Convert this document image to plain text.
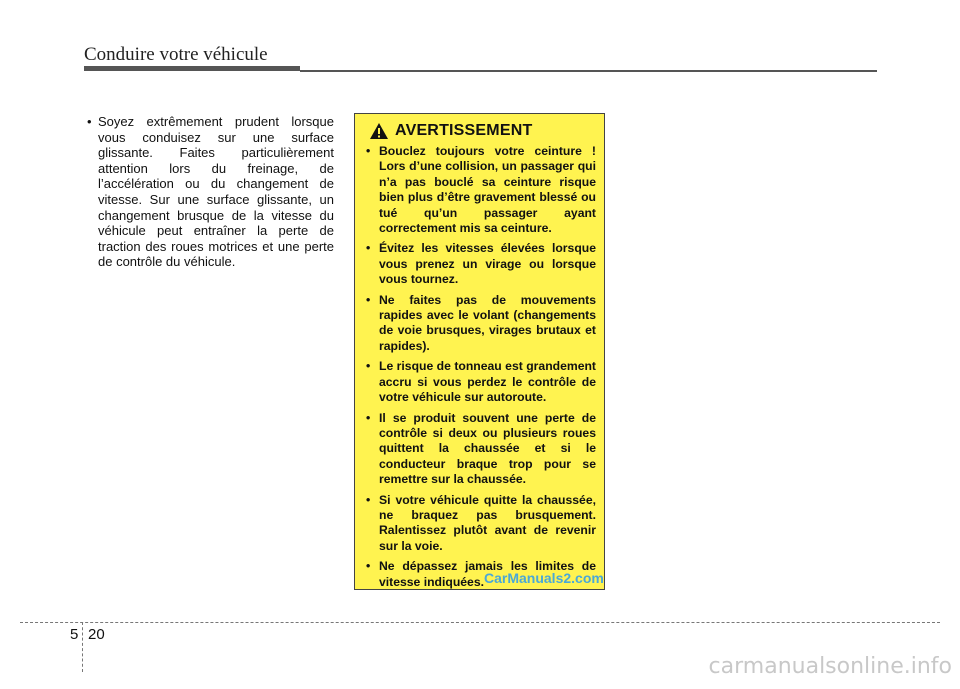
Conduire votre véhicule
• Soyez extrêmement prudent lorsque vous conduisez sur une surface glissante. Faites particulièrement attention lors du freinage, de l’accélération ou du changement de vitesse. Sur une surface glissante, un changement brusque de la vitesse du véhicule peut entraîner la perte de traction des roues motrices et une perte de contrôle du véhicule.
AVERTISSEMENT
• Bouclez toujours votre ceinture ! Lors d’une collision, un passager qui n’a pas bouclé sa ceinture risque bien plus d’être gravement blessé ou tué qu’un passager ayant correctement mis sa ceinture.
• Évitez les vitesses élevées lorsque vous prenez un virage ou lorsque vous tournez.
• Ne faites pas de mouvements rapides avec le volant (changements de voie brusques, virages brutaux et rapides).
• Le risque de tonneau est grandement accru si vous perdez le contrôle de votre véhicule sur autoroute.
• Il se produit souvent une perte de contrôle si deux ou plusieurs roues quittent la chaussée et si le conducteur braque trop pour se remettre sur la chaussée.
• Si votre véhicule quitte la chaussée, ne braquez pas brusquement. Ralentissez plutôt avant de revenir sur la voie.
• Ne dépassez jamais les limites de vitesse indiquées. CarManuals2.com
5 20
carmanualsonline.info
